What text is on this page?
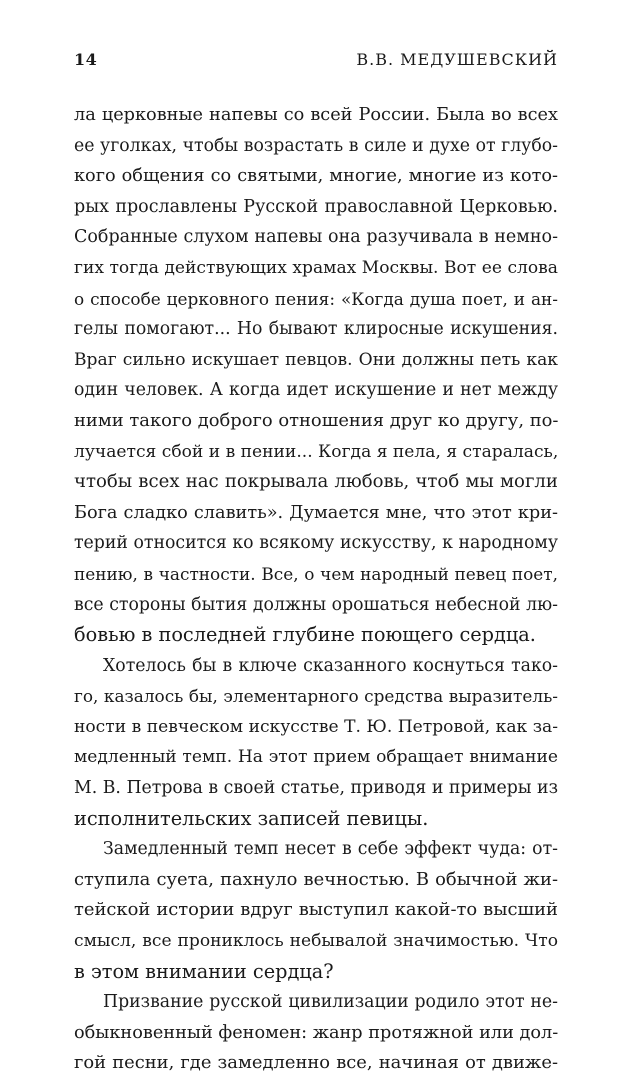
14	В.В. МЕДУШЕВСКИЙ
ла церковные напевы со всей России. Была во всех
ее уголках, чтобы возрастать в силе и духе от глубо-
кого общения со святыми, многие, многие из кото-
рых прославлены Русской православной Церковью.
Собранные слухом напевы она разучивала в немно-
гих тогда действующих храмах Москвы. Вот ее слова
о способе церковного пения: «Когда душа поет, и ан-
гелы помогают... Но бывают клиросные искушения.
Враг сильно искушает певцов. Они должны петь как
один человек. А когда идет искушение и нет между
ними такого доброго отношения друг ко другу, по-
лучается сбой и в пении... Когда я пела, я старалась,
чтобы всех нас покрывала любовь, чтоб мы могли
Бога сладко славить». Думается мне, что этот кри-
терий относится ко всякому искусству, к народному
пению, в частности. Все, о чем народный певец поет,
все стороны бытия должны орошаться небесной лю-
бовью в последней глубине поющего сердца.
Хотелось бы в ключе сказанного коснуться тако-
го, казалось бы, элементарного средства выразитель-
ности в певческом искусстве Т. Ю. Петровой, как за-
медленный темп. На этот прием обращает внимание
М. В. Петрова в своей статье, приводя и примеры из
исполнительских записей певицы.
Замедленный темп несет в себе эффект чуда: от-
ступила суета, пахнуло вечностью. В обычной жи-
тейской истории вдруг выступил какой-то высший
смысл, все прониклось небывалой значимостью. Что
в этом внимании сердца?
Призвание русской цивилизации родило этот не-
обыкновенный феномен: жанр протяжной или дол-
гой песни, где замедленно все, начиная от движе-
